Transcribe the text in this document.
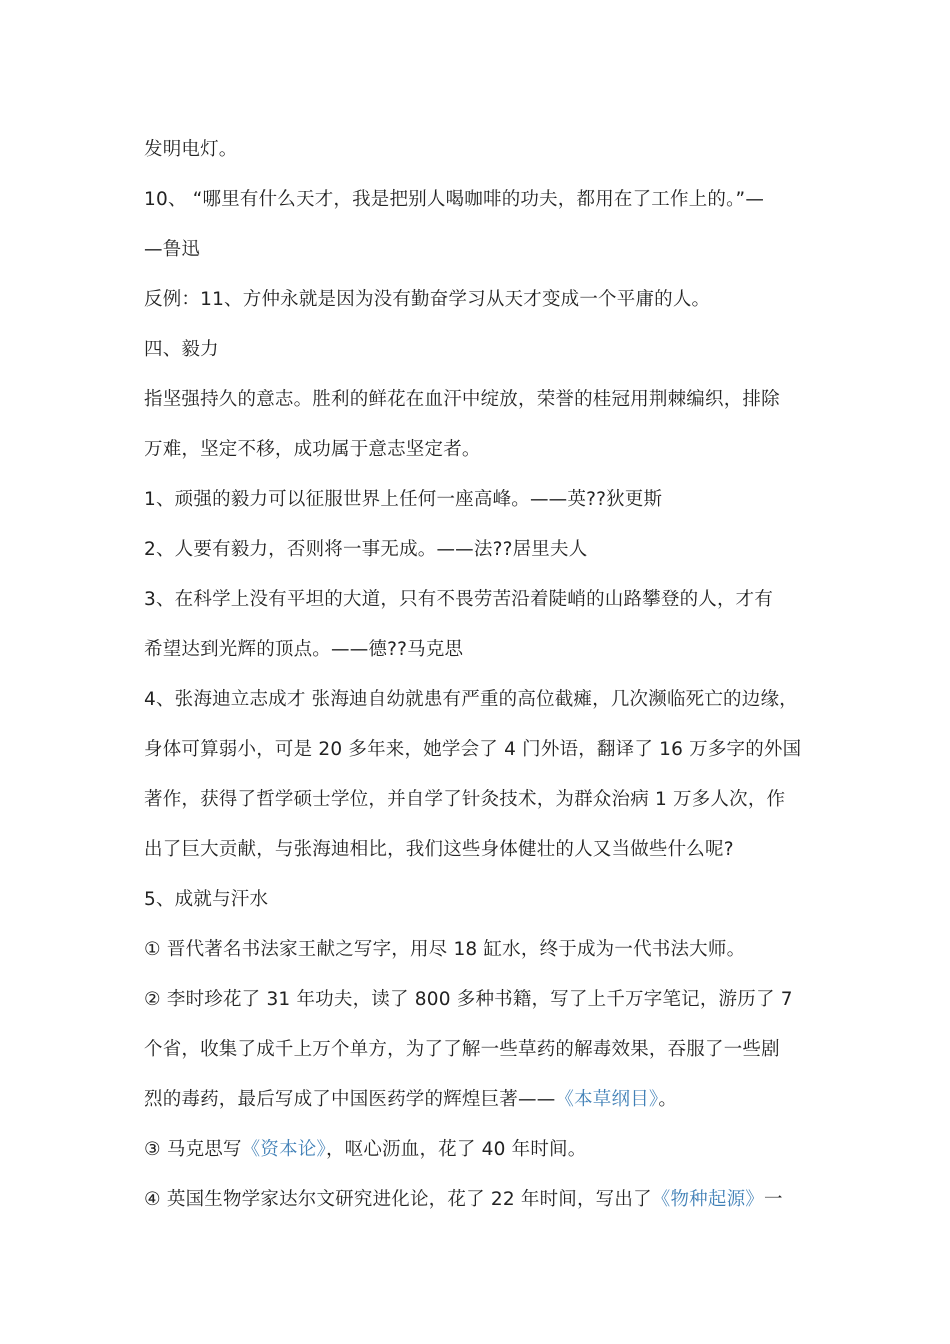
发明电灯。
10、 “哪里有什么天才，我是把别人喝咖啡的功夫，都用在了工作上的。”—
—鲁迅
反例：11、方仲永就是因为没有勤奋学习从天才变成一个平庸的人。
四、毅力
指坚强持久的意志。胜利的鲜花在血汗中绽放，荣誉的桂冠用荆棘编织，排除
万难，坚定不移，成功属于意志坚定者。
1、顽强的毅力可以征服世界上任何一座高峰。——英??狄更斯
2、人要有毅力，否则将一事无成。——法??居里夫人
3、在科学上没有平坦的大道，只有不畏劳苦沿着陡峭的山路攀登的人，才有
希望达到光辉的顶点。——德??马克思
4、张海迪立志成才 张海迪自幼就患有严重的高位截瘫，几次濒临死亡的边缘，
身体可算弱小，可是 20 多年来，她学会了 4 门外语，翻译了 16 万多字的外国
著作，获得了哲学硕士学位，并自学了针灸技术，为群众治病 1 万多人次，作
出了巨大贡献，与张海迪相比，我们这些身体健壮的人又当做些什么呢?
5、成就与汗水
① 晋代著名书法家王献之写字，用尽 18 缸水，终于成为一代书法大师。
② 李时珍花了 31 年功夫，读了 800 多种书籍，写了上千万字笔记，游历了 7
个省，收集了成千上万个单方，为了了解一些草药的解毒效果，吞服了一些剧
烈的毒药，最后写成了中国医药学的辉煌巨著——《本草纲目》。
③ 马克思写《资本论》，呕心沥血，花了 40 年时间。
④ 英国生物学家达尔文研究进化论，花了 22 年时间，写出了《物种起源》一
